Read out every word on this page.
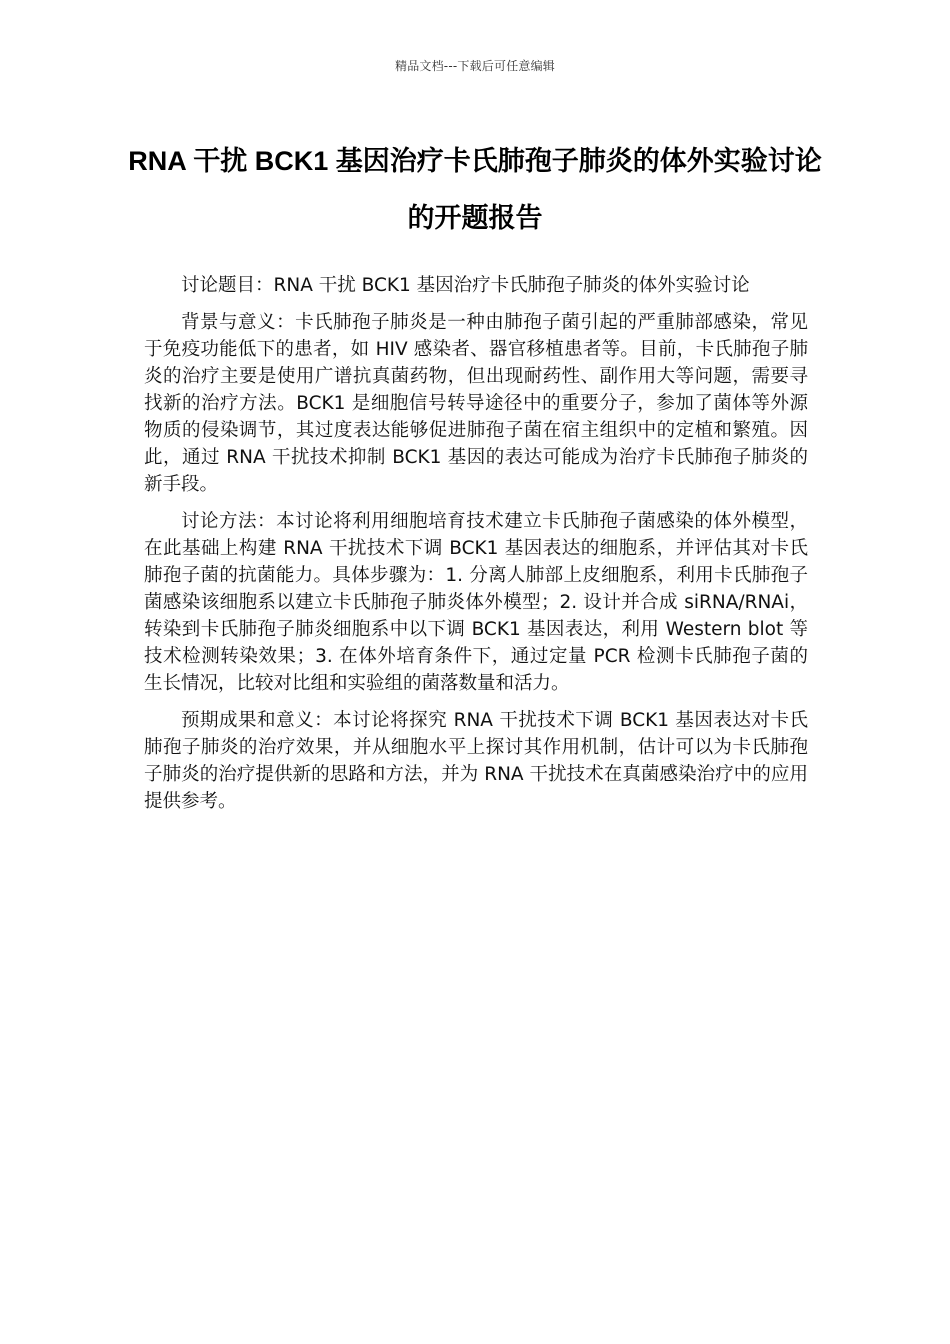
精品文档---下载后可任意编辑
RNA 干扰 BCK1 基因治疗卡氏肺孢子肺炎的体外实验讨论的开题报告

讨论题目：RNA 干扰 BCK1 基因治疗卡氏肺孢子肺炎的体外实验讨论

背景与意义：卡氏肺孢子肺炎是一种由肺孢子菌引起的严重肺部感染，常见于免疫功能低下的患者，如 HIV 感染者、器官移植患者等。目前，卡氏肺孢子肺炎的治疗主要是使用广谱抗真菌药物，但出现耐药性、副作用大等问题，需要寻找新的治疗方法。BCK1 是细胞信号转导途径中的重要分子，参加了菌体等外源物质的侵染调节，其过度表达能够促进肺孢子菌在宿主组织中的定植和繁殖。因此，通过 RNA 干扰技术抑制 BCK1 基因的表达可能成为治疗卡氏肺孢子肺炎的新手段。

讨论方法：本讨论将利用细胞培育技术建立卡氏肺孢子菌感染的体外模型，在此基础上构建 RNA 干扰技术下调 BCK1 基因表达的细胞系，并评估其对卡氏肺孢子菌的抗菌能力。具体步骤为：1. 分离人肺部上皮细胞系，利用卡氏肺孢子菌感染该细胞系以建立卡氏肺孢子肺炎体外模型；2. 设计并合成 siRNA/RNAi，转染到卡氏肺孢子肺炎细胞系中以下调 BCK1 基因表达，利用 Western blot 等技术检测转染效果；3. 在体外培育条件下，通过定量 PCR 检测卡氏肺孢子菌的生长情况，比较对比组和实验组的菌落数量和活力。

预期成果和意义：本讨论将探究 RNA 干扰技术下调 BCK1 基因表达对卡氏肺孢子肺炎的治疗效果，并从细胞水平上探讨其作用机制，估计可以为卡氏肺孢子肺炎的治疗提供新的思路和方法，并为 RNA 干扰技术在真菌感染治疗中的应用提供参考。
